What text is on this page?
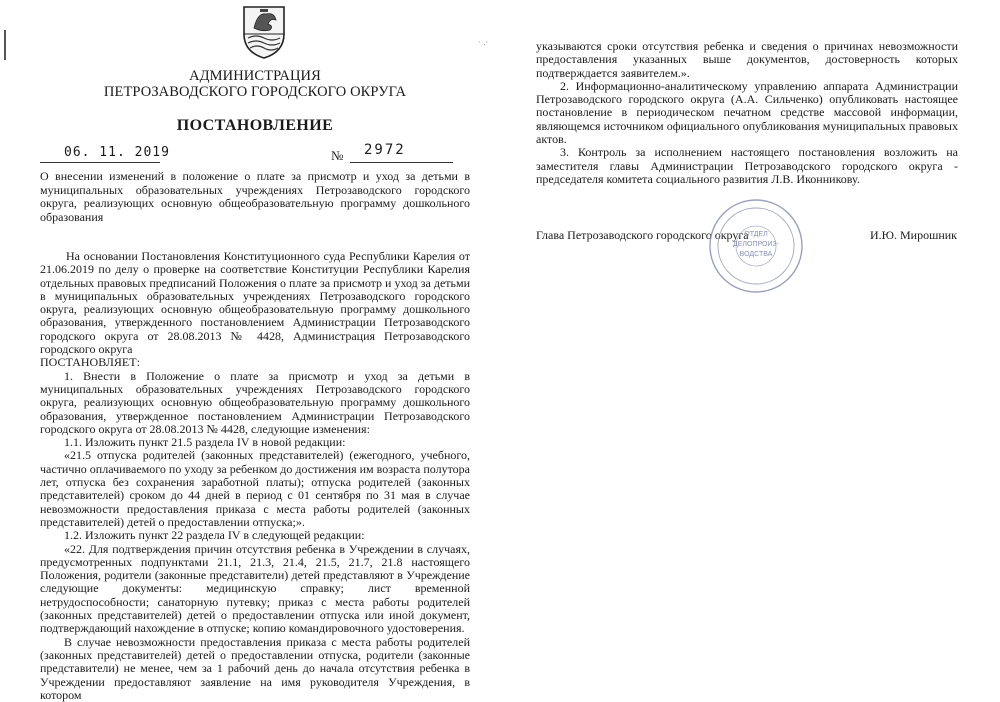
· .·
АДМИНИСТРАЦИЯ
ПЕТРОЗАВОДСКОГО ГОРОДСКОГО ОКРУГА
ПОСТАНОВЛЕНИЕ
06. 11. 2019	№ 2972
О внесении изменений в положение о плате за присмотр и уход за детьми в муниципальных образовательных учреждениях Петрозаводского городского округа, реализующих основную общеобразовательную программу дошкольного образования

На основании Постановления Конституционного суда Республики Карелия от 21.06.2019 по делу о проверке на соответствие Конституции Республики Карелия отдельных правовых предписаний Положения о плате за присмотр и уход за детьми в муниципальных образовательных учреждениях Петрозаводского городского округа, реализующих основную общеобразовательную программу дошкольного образования, утвержденного постановлением Администрации Петрозаводского городского округа от 28.08.2013 № 4428, Администрация Петрозаводского городского округа

ПОСТАНОВЛЯЕТ:

1. Внести в Положение о плате за присмотр и уход за детьми в муниципальных образовательных учреждениях Петрозаводского городского округа, реализующих основную общеобразовательную программу дошкольного образования, утвержденное постановлением Администрации Петрозаводского городского округа от 28.08.2013 № 4428, следующие изменения:

1.1. Изложить пункт 21.5 раздела IV в новой редакции:

«21.5 отпуска родителей (законных представителей) (ежегодного, учебного, частично оплачиваемого по уходу за ребенком до достижения им возраста полутора лет, отпуска без сохранения заработной платы); отпуска родителей (законных представителей) сроком до 44 дней в период с 01 сентября по 31 мая в случае невозможности предоставления приказа с места работы родителей (законных представителей) детей о предоставлении отпуска;».

1.2. Изложить пункт 22 раздела IV в следующей редакции:

«22. Для подтверждения причин отсутствия ребенка в Учреждении в случаях, предусмотренных подпунктами 21.1, 21.3, 21.4, 21.5, 21.7, 21.8 настоящего Положения, родители (законные представители) детей представляют в Учреждение следующие документы: медицинскую справку; лист временной нетрудоспособности; санаторную путевку; приказ с места работы родителей (законных представителей) детей о предоставлении отпуска или иной документ, подтверждающий нахождение в отпуске; копию командировочного удостоверения.

В случае невозможности предоставления приказа с места работы родителей (законных представителей) детей о предоставлении отпуска, родители (законные представители) не менее, чем за 1 рабочий день до начала отсутствия ребенка в Учреждении предоставляют заявление на имя руководителя Учреждения, в котором

указываются сроки отсутствия ребенка и сведения о причинах невозможности предоставления указанных выше документов, достоверность которых подтверждается заявителем.».

2. Информационно-аналитическому управлению аппарата Администрации Петрозаводского городского округа (А.А. Сильченко) опубликовать настоящее постановление в периодическом печатном средстве массовой информации, являющемся источником официального опубликования муниципальных правовых актов.

3. Контроль за исполнением настоящего постановления возложить на заместителя главы Администрации Петрозаводского городского округа - председателя комитета социального развития Л.В. Иконникову.

Глава Петрозаводского городского округа	И.Ю. Мирошник
ОТДЕЛ
ДЕЛОПРОИЗ-
ВОДСТВА
